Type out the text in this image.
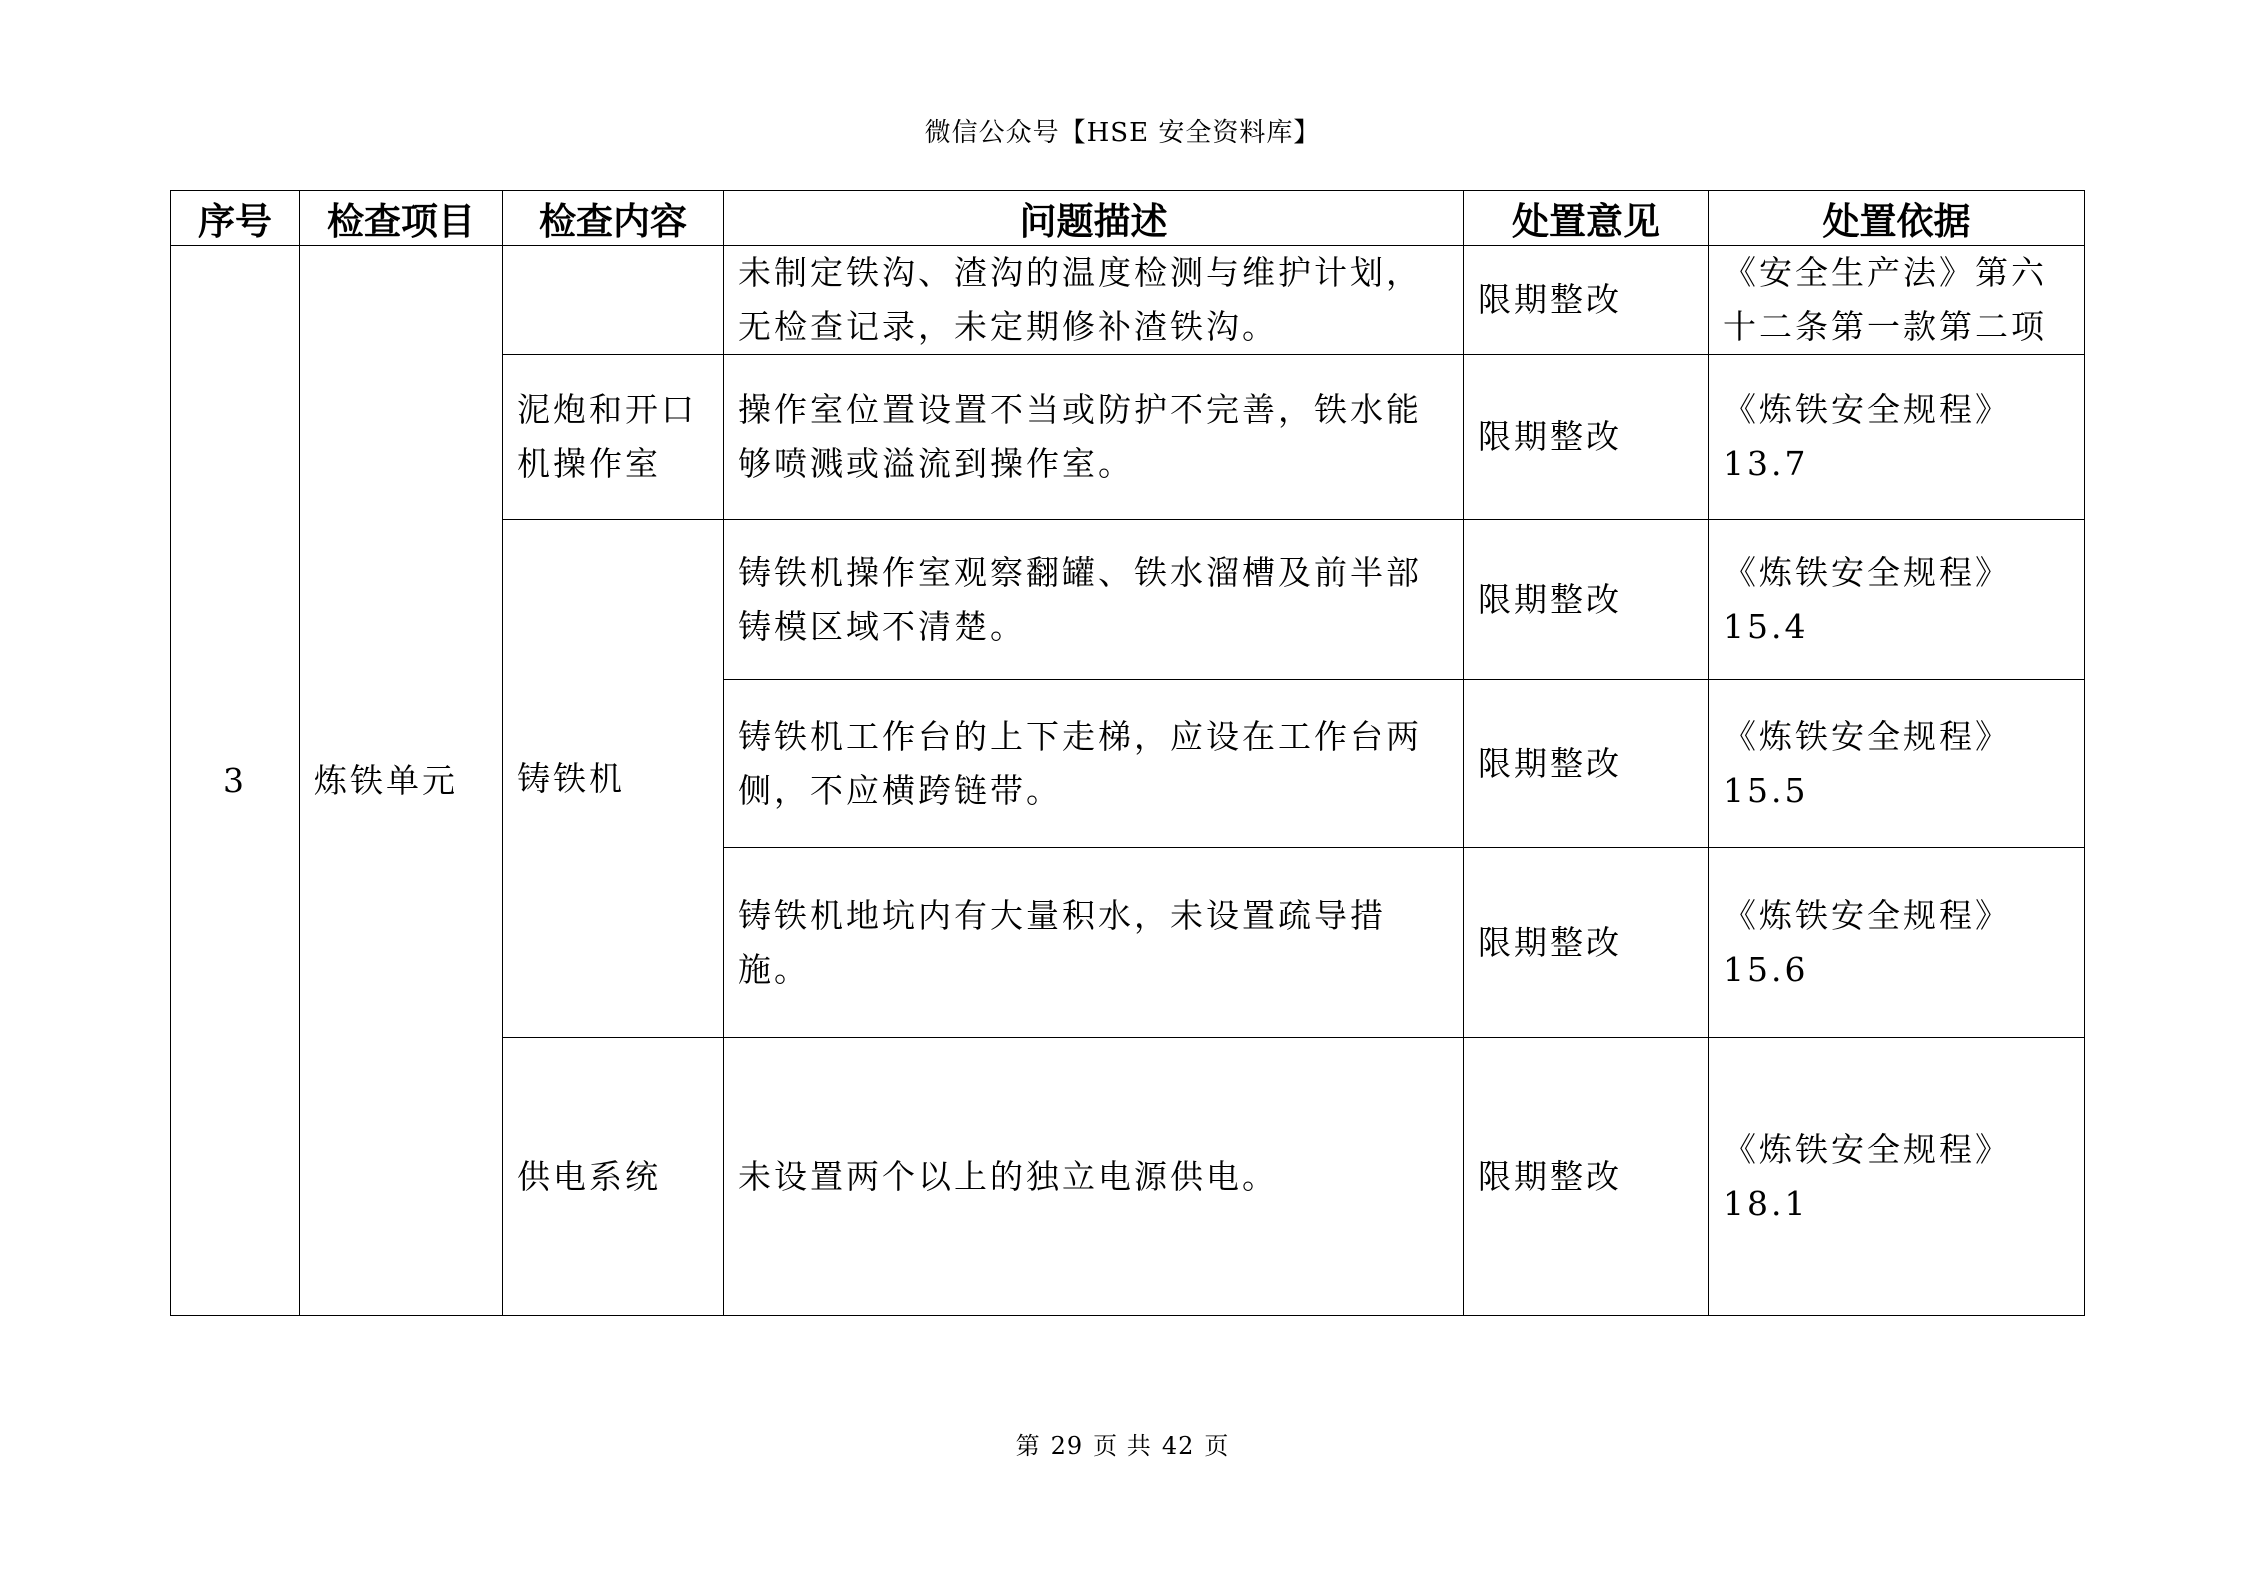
微信公众号【HSE 安全资料库】
序号	检查项目	检查内容	问题描述	处置意见	处置依据
3	炼铁单元		未制定铁沟、渣沟的温度检测与维护计划，无检查记录，未定期修补渣铁沟。	限期整改	《安全生产法》第六十二条第一款第二项
		泥炮和开口机操作室	操作室位置设置不当或防护不完善，铁水能够喷溅或溢流到操作室。	限期整改	《炼铁安全规程》13.7
		铸铁机	铸铁机操作室观察翻罐、铁水溜槽及前半部铸模区域不清楚。	限期整改	《炼铁安全规程》15.4
			铸铁机工作台的上下走梯，应设在工作台两侧，不应横跨链带。	限期整改	《炼铁安全规程》15.5
			铸铁机地坑内有大量积水，未设置疏导措施。	限期整改	《炼铁安全规程》15.6
		供电系统	未设置两个以上的独立电源供电。	限期整改	《炼铁安全规程》18.1
第 29 页 共 42 页
